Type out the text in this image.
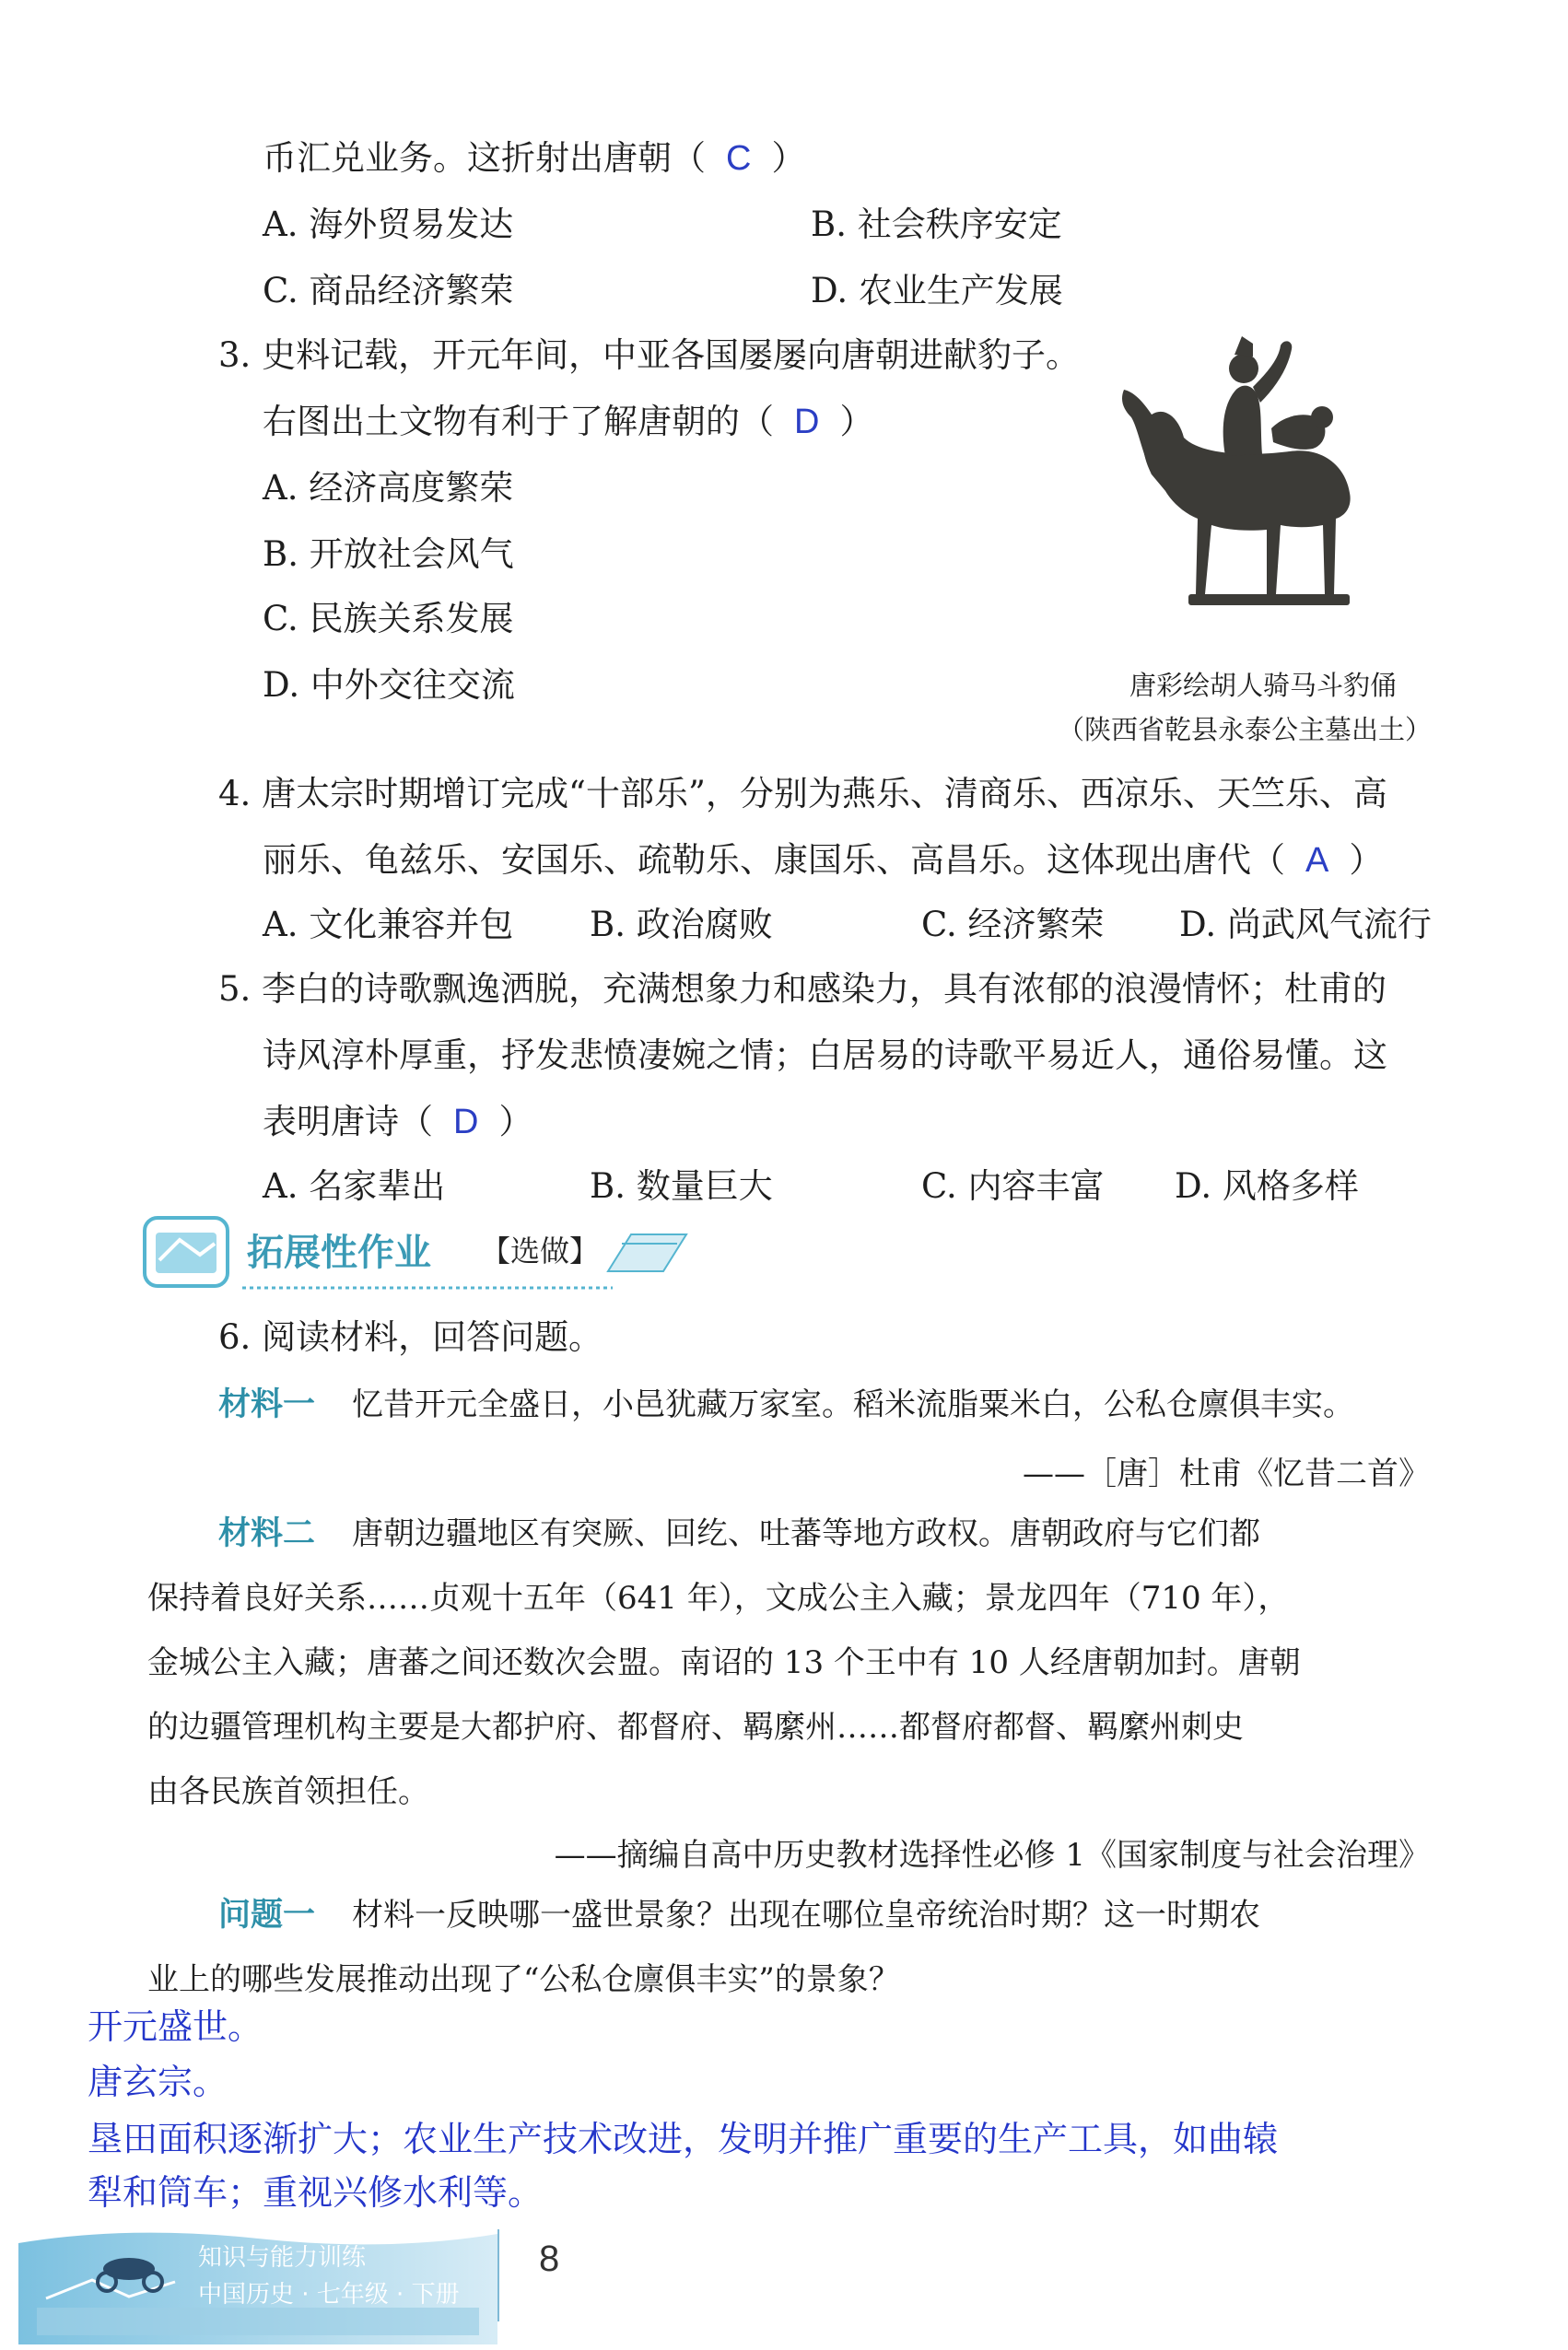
币汇兑业务。这折射出唐朝（ C ）
A. 海外贸易发达	B. 社会秩序安定
C. 商品经济繁荣	D. 农业生产发展
3. 史料记载，开元年间，中亚各国屡屡向唐朝进献豹子。
右图出土文物有利于了解唐朝的（ D ）
A. 经济高度繁荣
B. 开放社会风气
C. 民族关系发展
D. 中外交往交流	唐彩绘胡人骑马斗豹俑
（陕西省乾县永泰公主墓出土）
4. 唐太宗时期增订完成“十部乐”，分别为燕乐、清商乐、西凉乐、天竺乐、高
丽乐、龟兹乐、安国乐、疏勒乐、康国乐、高昌乐。这体现出唐代（ A ）
A. 文化兼容并包 B. 政治腐败	C. 经济繁荣 D. 尚武风气流行
5. 李白的诗歌飘逸洒脱，充满想象力和感染力，具有浓郁的浪漫情怀；杜甫的
诗风淳朴厚重，抒发悲愤凄婉之情；白居易的诗歌平易近人，通俗易懂。这
表明唐诗（ D ）
A. 名家辈出	B. 数量巨大	C. 内容丰富 D. 风格多样
拓展性作业 【选做】
6. 阅读材料，回答问题。
材料一 忆昔开元全盛日，小邑犹藏万家室。稻米流脂粟米白，公私仓廪俱丰实。
——［唐］杜甫《忆昔二首》
材料二 唐朝边疆地区有突厥、回纥、吐蕃等地方政权。唐朝政府与它们都
保持着良好关系……贞观十五年（641 年），文成公主入藏；景龙四年（710 年），
金城公主入藏；唐蕃之间还数次会盟。南诏的 13 个王中有 10 人经唐朝加封。唐朝
的边疆管理机构主要是大都护府、都督府、羁縻州……都督府都督、羁縻州刺史
由各民族首领担任。
——摘编自高中历史教材选择性必修 1《国家制度与社会治理》
问题一 材料一反映哪一盛世景象？出现在哪位皇帝统治时期？这一时期农
业上的哪些发展推动出现了“公私仓廪俱丰实”的景象？
开元盛世。
唐玄宗。
垦田面积逐渐扩大；农业生产技术改进，发明并推广重要的生产工具，如曲辕
犁和筒车；重视兴修水利等。
知识与能力训练
中国历史 · 七年级 · 下册
8
